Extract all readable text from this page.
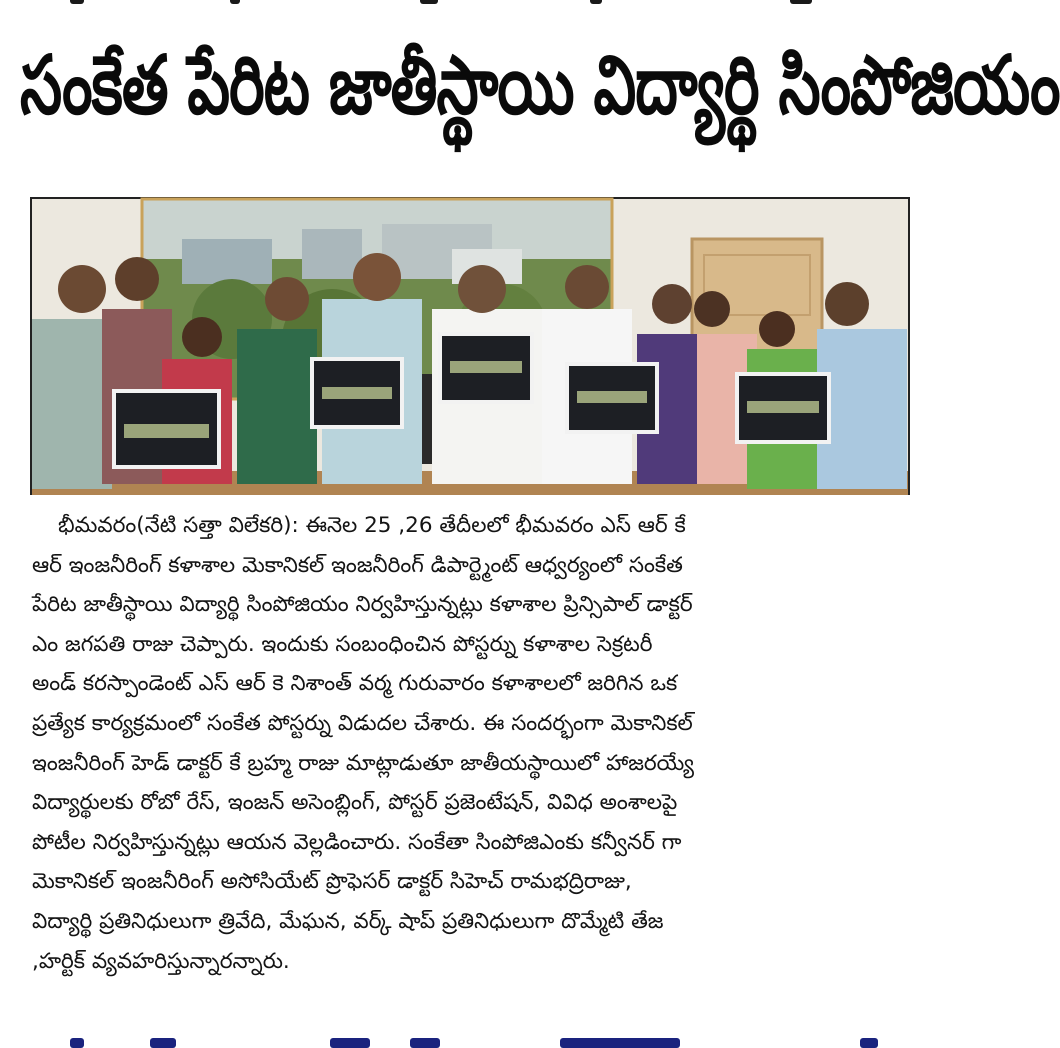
సంకేత పేరిట జాతీస్థాయి విద్యార్థి సింపోజియం
భీమవరం(నేటి సత్తా విలేకరి): ఈనెల 25 ,26 తేదీలలో భీమవరం ఎస్ ఆర్ కే
ఆర్ ఇంజనీరింగ్ కళాశాల మెకానికల్ ఇంజనీరింగ్ డిపార్ట్మెంట్ ఆధ్వర్యంలో సంకేత
పేరిట జాతీస్థాయి విద్యార్థి సింపోజియం నిర్వహిస్తున్నట్లు కళాశాల ప్రిన్సిపాల్ డాక్టర్
ఎం జగపతి రాజు చెప్పారు. ఇందుకు సంబంధించిన పోస్టర్ను కళాశాల సెక్రటరీ
అండ్ కరస్పాండెంట్ ఎస్ ఆర్ కె నిశాంత్ వర్మ గురువారం కళాశాలలో జరిగిన ఒక
ప్రత్యేక కార్యక్రమంలో సంకేత పోస్టర్ను విడుదల చేశారు. ఈ సందర్భంగా మెకానికల్
ఇంజనీరింగ్ హెడ్ డాక్టర్ కే బ్రహ్మ రాజు మాట్లాడుతూ జాతీయస్థాయిలో హాజరయ్యే
విద్యార్థులకు రోబో రేస్, ఇంజన్ అసెంబ్లింగ్, పోస్టర్ ప్రజెంటేషన్, వివిధ అంశాలపై
పోటీల నిర్వహిస్తున్నట్లు ఆయన వెల్లడించారు. సంకేతా సింపోజిఎంకు కన్వీనర్ గా
మెకానికల్ ఇంజనీరింగ్ అసోసియేట్ ప్రొఫెసర్ డాక్టర్ సిహెచ్ రామభద్రిరాజు,
విద్యార్థి ప్రతినిధులుగా త్రివేది, మేఘన, వర్క్ షాప్ ప్రతినిధులుగా దొమ్మేటి తేజ
,హర్టిక్ వ్యవహరిస్తున్నారన్నారు.
